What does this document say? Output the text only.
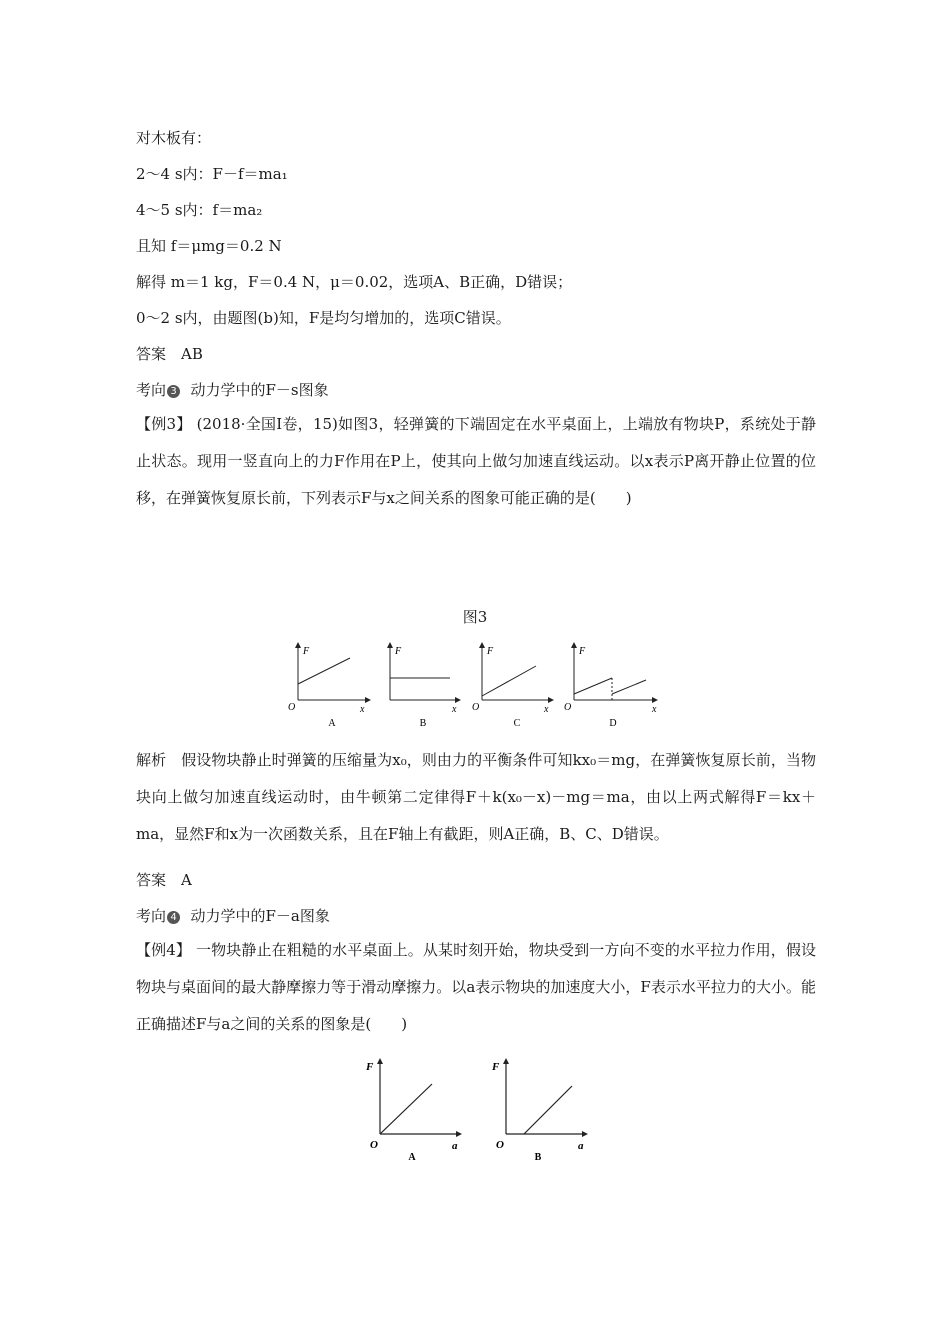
对木板有：
2～4 s内：F－f＝ma₁
4～5 s内：f＝ma₂
且知 f＝μmg＝0.2 N
解得 m＝1 kg，F＝0.4 N，μ＝0.02，选项A、B正确，D错误；
0～2 s内，由题图(b)知，F是均匀增加的，选项C错误。
答案　AB
考向 3  动力学中的F－s图象
【例3】 (2018·全国Ⅰ卷，15)如图3，轻弹簧的下端固定在水平桌面上，上端放有物块P，系统处于静止状态。现用一竖直向上的力F作用在P上，使其向上做匀加速直线运动。以x表示P离开静止位置的位移，在弹簧恢复原长前，下列表示F与x之间关系的图象可能正确的是(　　)
图3
F
x
O
A
F
x
B
F
x
O
C
F
x
O
D
解析　假设物块静止时弹簧的压缩量为x₀，则由力的平衡条件可知kx₀＝mg，在弹簧恢复原长前，当物块向上做匀加速直线运动时，由牛顿第二定律得F＋k(x₀－x)－mg＝ma，由以上两式解得F＝kx＋ma，显然F和x为一次函数关系，且在F轴上有截距，则A正确，B、C、D错误。
答案　A
考向 4  动力学中的F－a图象
【例4】 一物块静止在粗糙的水平桌面上。从某时刻开始，物块受到一方向不变的水平拉力作用，假设物块与桌面间的最大静摩擦力等于滑动摩擦力。以a表示物块的加速度大小，F表示水平拉力的大小。能正确描述F与a之间的关系的图象是(　　)
F
a
O
A
F
a
O
B
